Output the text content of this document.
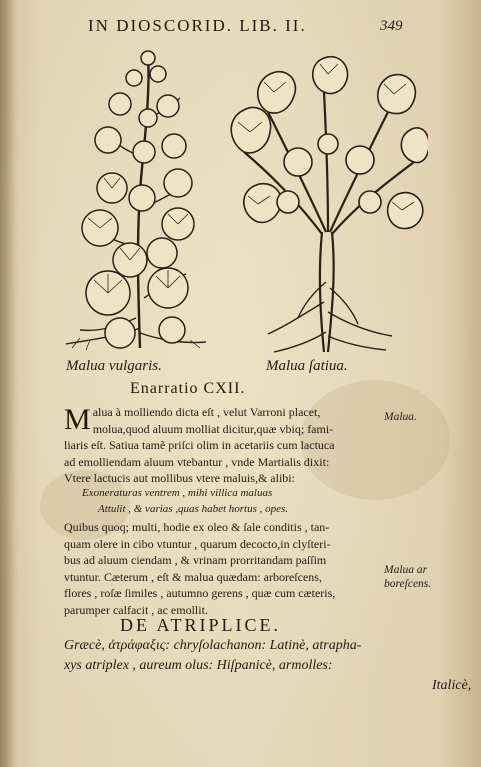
IN DIOSCORID. LIB. II.	349
Malua vulgaris.	Malua ſatiua.
Enarratio CXII.
M alua à molliendo dicta eſt , velut Varroni placet,
molua,quod aluum molliat dicitur,quæ vbiq; fami-
liaris eſt. Satiua tamẽ priſci olim in acetariis cum lactuca
ad emolliendam aluum vtebantur , vnde Martialis dixit:
Vtere lactucis aut mollibus vtere maluis,& alibi:
Exoneraturas ventrem , mihi villica maluas
Attulit , & varias ,quas habet hortus , opes.
Quibus quoq; multi, hodie ex oleo & ſale conditis , tan-
quam olere in cibo vtuntur , quarum decocto,in clyſteri-
bus ad aluum ciendam , & vrinam prorritandam paſſim
vtuntur. Cæterum , eſt & malua quædam: arboreſcens,
flores , roſæ ſimiles , autumno gerens , quæ cum cæteris,
parumper calfacit , ac emollit.
Malua.
Malua ar
boreſcens.
DE ATRIPLICE.
Græcè, ἀτράφαξις: chryſolachanon: Latinè, atrapha-
xys atriplex , aureum olus: Hiſpanicè, armolles:
Italicè,
